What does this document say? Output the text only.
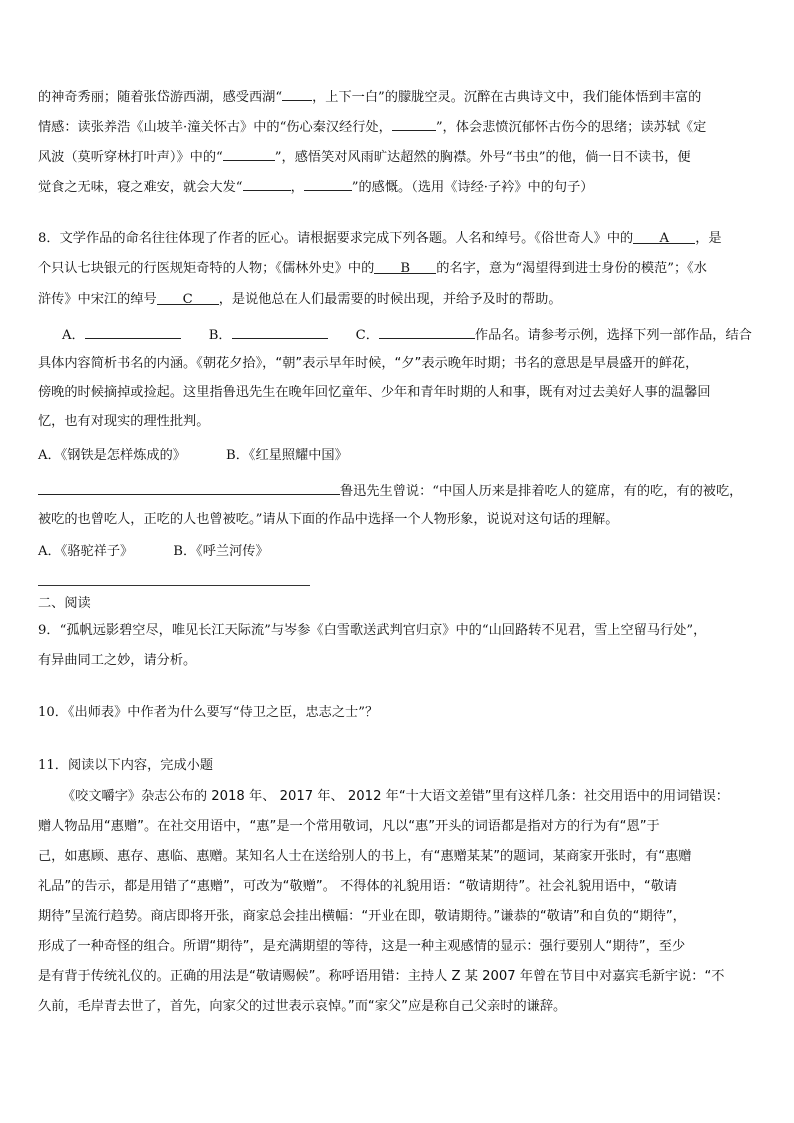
的神奇秀丽；随着张岱游西湖，感受西湖“ ，上下一白”的朦胧空灵。沉醉在古典诗文中，我们能体悟到丰富的
情感：读张养浩《山坡羊·潼关怀古》中的“伤心秦汉经行处，	”，体会悲愤沉郁怀古伤今的思绪；读苏轼《定
风波（莫听穿林打叶声）》中的“	”，感悟笑对风雨旷达超然的胸襟。外号“书虫”的他，倘一日不读书，便
觉食之无味，寝之难安，就会大发“	，	”的感慨。（选用《诗经·子衿》中的句子）
8．文学作品的命名往往体现了作者的匠心。请根据要求完成下列各题。人名和绰号。《俗世奇人》中的 A ，是
个只认七块银元的行医规矩奇特的人物；《儒林外史》中的 B 的名字，意为“渴望得到进士身份的模范”；《水
浒传》中宋江的绰号 C ，是说他总在人们最需要的时候出现，并给予及时的帮助。
A．	B．	C．	作品名。请参考示例，选择下列一部作品，结合
具体内容简析书名的内涵。《朝花夕拾》，“朝”表示早年时候，“夕”表示晚年时期；书名的意思是早晨盛开的鲜花，
傍晚的时候摘掉或捡起。这里指鲁迅先生在晚年回忆童年、少年和青年时期的人和事，既有对过去美好人事的温馨回
忆，也有对现实的理性批判。
A．《钢铁是怎样炼成的》	B．《红星照耀中国》
鲁迅先生曾说：“中国人历来是排着吃人的筵席，有的吃，有的被吃，
被吃的也曾吃人，正吃的人也曾被吃。”请从下面的作品中选择一个人物形象，说说对这句话的理解。
A．《骆驼祥子》	B．《呼兰河传》
二、阅读
9．“孤帆远影碧空尽，唯见长江天际流”与岑参《白雪歌送武判官归京》中的“山回路转不见君，雪上空留马行处”，
有异曲同工之妙，请分析。
10．《出师表》中作者为什么要写“侍卫之臣，忠志之士”？
11．阅读以下内容，完成小题
《咬文嚼字》杂志公布的 2018 年、 2017 年、 2012 年“十大语文差错”里有这样几条：社交用语中的用词错误：
赠人物品用“惠赠”。在社交用语中，“惠”是一个常用敬词，凡以“惠”开头的词语都是指对方的行为有“恩”于
己，如惠顾、惠存、惠临、惠赠。某知名人士在送给别人的书上，有“惠赠某某”的题词，某商家开张时，有“惠赠
礼品”的告示，都是用错了“惠赠”，可改为“敬赠”。 不得体的礼貌用语：“敬请期待”。社会礼貌用语中，“敬请
期待”呈流行趋势。商店即将开张，商家总会挂出横幅：“开业在即，敬请期待。”谦恭的“敬请”和自负的“期待”，
形成了一种奇怪的组合。所谓“期待”，是充满期望的等待，这是一种主观感情的显示：强行要别人“期待”，至少
是有背于传统礼仪的。正确的用法是“敬请赐候”。称呼语用错：主持人 Z 某 2007 年曾在节目中对嘉宾毛新宇说：“不
久前，毛岸青去世了，首先，向家父的过世表示哀悼。”而“家父”应是称自己父亲时的谦辞。
